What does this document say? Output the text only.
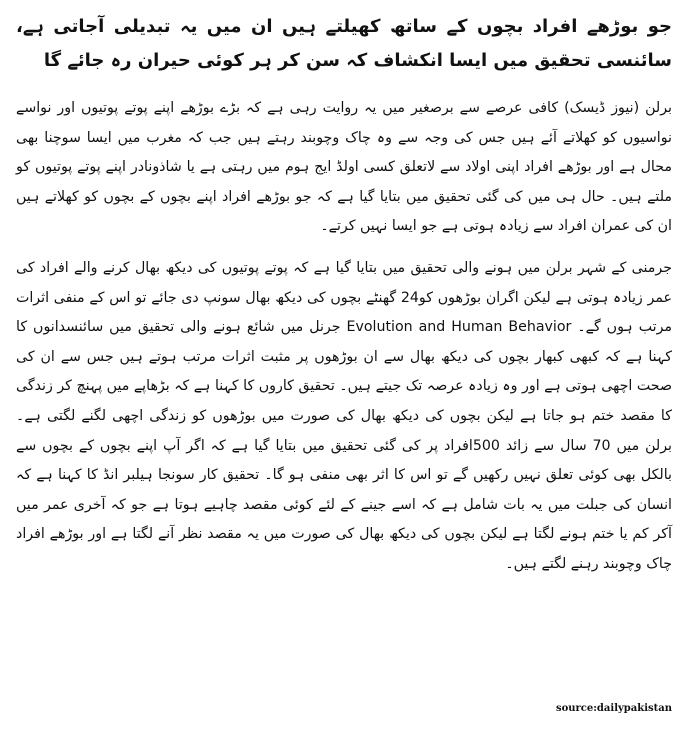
جو بوڑھے افراد بچوں کے ساتھ کھیلتے ہیں ان میں یہ تبدیلی آجاتی ہے، سائنسی تحقیق میں ایسا انکشاف کہ سن کر ہر کوئی حیران رہ جائے گا

برلن (نیوز ڈیسک) کافی عرصے سے برصغیر میں یہ روایت رہی ہے کہ بڑے بوڑھے اپنے پوتے پوتیوں اور نواسے نواسیوں کو کھلاتے آئے ہیں جس کی وجہ سے وہ چاک وچوبند رہتے ہیں جب کہ مغرب میں ایسا سوچنا بھی محال ہے اور بوڑھے افراد اپنی اولاد سے لاتعلق کسی اولڈ ایج ہوم میں رہتی ہے یا شاذونادر اپنے پوتے پوتیوں کو ملتے ہیں۔ حال ہی میں کی گئی تحقیق میں بتایا گیا ہے کہ جو بوڑھے افراد اپنے بچوں کے بچوں کو کھلاتے ہیں ان کی عمران افراد سے زیادہ ہوتی ہے جو ایسا نہیں کرتے۔

جرمنی کے شہر برلن میں ہونے والی تحقیق میں بتایا گیا ہے کہ پوتے پوتیوں کی دیکھ بھال کرنے والے افراد کی عمر زیادہ ہوتی ہے لیکن اگران بوڑھوں کو24 گھنٹے بچوں کی دیکھ بھال سونپ دی جائے تو اس کے منفی اثرات مرتب ہوں گے۔ Evolution and Human Behavior جرنل میں شائع ہونے والی تحقیق میں سائنسدانوں کا کہنا ہے کہ کبھی کبھار بچوں کی دیکھ بھال سے ان بوڑھوں پر مثبت اثرات مرتب ہوتے ہیں جس سے ان کی صحت اچھی ہوتی ہے اور وہ زیادہ عرصہ تک جیتے ہیں۔ تحقیق کاروں کا کہنا ہے کہ بڑھاپے میں پہنچ کر زندگی کا مقصد ختم ہو جاتا ہے لیکن بچوں کی دیکھ بھال کی صورت میں بوڑھوں کو زندگی اچھی لگنے لگتی ہے۔ برلن میں 70 سال سے زائد 500افراد پر کی گئی تحقیق میں بتایا گیا ہے کہ اگر آپ اپنے بچوں کے بچوں سے بالکل بھی کوئی تعلق نہیں رکھیں گے تو اس کا اثر بھی منفی ہو گا۔ تحقیق کار سونجا ہیلبر انڈ کا کہنا ہے کہ انسان کی جبلت میں یہ بات شامل ہے کہ اسے جینے کے لئے کوئی مقصد چاہیے ہوتا ہے جو کہ آخری عمر میں آکر کم یا ختم ہونے لگتا ہے لیکن بچوں کی دیکھ بھال کی صورت میں یہ مقصد نظر آنے لگتا ہے اور بوڑھے افراد چاک وچوبند رہنے لگتے ہیں۔

source:dailypakistan
